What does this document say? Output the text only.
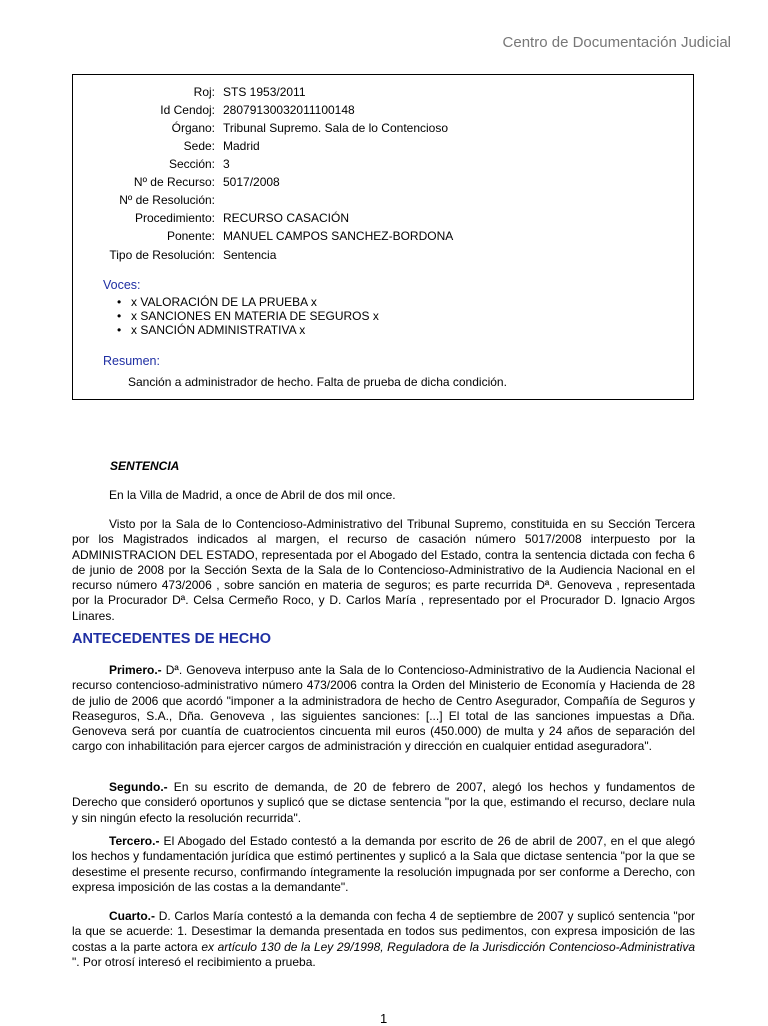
Centro de Documentación Judicial
Roj: STS 1953/2011
Id Cendoj: 28079130032011100148
Órgano: Tribunal Supremo. Sala de lo Contencioso
Sede: Madrid
Sección: 3
Nº de Recurso: 5017/2008
Nº de Resolución:
Procedimiento: RECURSO CASACIÓN
Ponente: MANUEL CAMPOS SANCHEZ-BORDONA
Tipo de Resolución: Sentencia
Voces:
• x VALORACIÓN DE LA PRUEBA x
• x SANCIONES EN MATERIA DE SEGUROS x
• x SANCIÓN ADMINISTRATIVA x
Resumen:
Sanción a administrador de hecho. Falta de prueba de dicha condición.
SENTENCIA
En la Villa de Madrid, a once de Abril de dos mil once.
Visto por la Sala de lo Contencioso-Administrativo del Tribunal Supremo, constituida en su Sección Tercera por los Magistrados indicados al margen, el recurso de casación número 5017/2008 interpuesto por la ADMINISTRACION DEL ESTADO, representada por el Abogado del Estado, contra la sentencia dictada con fecha 6 de junio de 2008 por la Sección Sexta de la Sala de lo Contencioso-Administrativo de la Audiencia Nacional en el recurso número 473/2006 , sobre sanción en materia de seguros; es parte recurrida Dª. Genoveva , representada por la Procurador Dª. Celsa Cermeño Roco, y D. Carlos María , representado por el Procurador D. Ignacio Argos Linares.
ANTECEDENTES DE HECHO
Primero.- Dª. Genoveva interpuso ante la Sala de lo Contencioso-Administrativo de la Audiencia Nacional el recurso contencioso-administrativo número 473/2006 contra la Orden del Ministerio de Economía y Hacienda de 28 de julio de 2006 que acordó "imponer a la administradora de hecho de Centro Asegurador, Compañía de Seguros y Reaseguros, S.A., Dña. Genoveva , las siguientes sanciones: [...] El total de las sanciones impuestas a Dña. Genoveva será por cuantía de cuatrocientos cincuenta mil euros (450.000) de multa y 24 años de separación del cargo con inhabilitación para ejercer cargos de administración y dirección en cualquier entidad aseguradora".
Segundo.- En su escrito de demanda, de 20 de febrero de 2007, alegó los hechos y fundamentos de Derecho que consideró oportunos y suplicó que se dictase sentencia "por la que, estimando el recurso, declare nula y sin ningún efecto la resolución recurrida".
Tercero.- El Abogado del Estado contestó a la demanda por escrito de 26 de abril de 2007, en el que alegó los hechos y fundamentación jurídica que estimó pertinentes y suplicó a la Sala que dictase sentencia "por la que se desestime el presente recurso, confirmando íntegramente la resolución impugnada por ser conforme a Derecho, con expresa imposición de las costas a la demandante".
Cuarto.- D. Carlos María contestó a la demanda con fecha 4 de septiembre de 2007 y suplicó sentencia "por la que se acuerde: 1. Desestimar la demanda presentada en todos sus pedimentos, con expresa imposición de las costas a la parte actora ex artículo 130 de la Ley 29/1998, Reguladora de la Jurisdicción Contencioso-Administrativa ". Por otrosí interesó el recibimiento a prueba.
1
